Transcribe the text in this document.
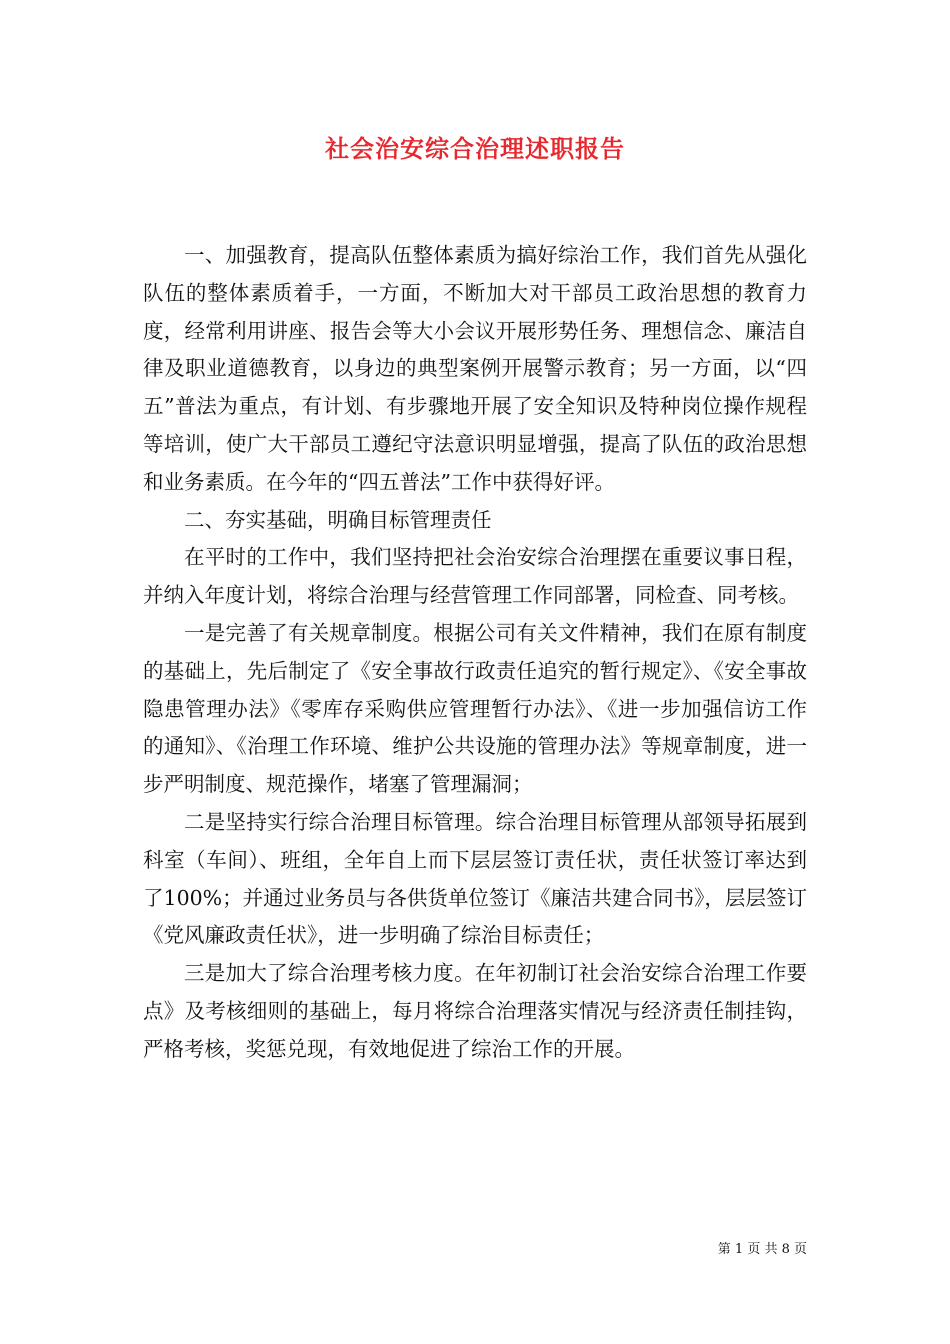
社会治安综合治理述职报告

一、加强教育，提高队伍整体素质为搞好综治工作，我们首先从强化队伍的整体素质着手，一方面，不断加大对干部员工政治思想的教育力度，经常利用讲座、报告会等大小会议开展形势任务、理想信念、廉洁自律及职业道德教育，以身边的典型案例开展警示教育；另一方面，以“四五”普法为重点，有计划、有步骤地开展了安全知识及特种岗位操作规程等培训，使广大干部员工遵纪守法意识明显增强，提高了队伍的政治思想和业务素质。在今年的“四五普法”工作中获得好评。

二、夯实基础，明确目标管理责任

在平时的工作中，我们坚持把社会治安综合治理摆在重要议事日程，并纳入年度计划，将综合治理与经营管理工作同部署，同检查、同考核。

一是完善了有关规章制度。根据公司有关文件精神，我们在原有制度的基础上，先后制定了《安全事故行政责任追究的暂行规定》、《安全事故隐患管理办法》《零库存采购供应管理暂行办法》、《进一步加强信访工作的通知》、《治理工作环境、维护公共设施的管理办法》等规章制度，进一步严明制度、规范操作，堵塞了管理漏洞；

二是坚持实行综合治理目标管理。综合治理目标管理从部领导拓展到科室（车间）、班组，全年自上而下层层签订责任状，责任状签订率达到了100%；并通过业务员与各供货单位签订《廉洁共建合同书》，层层签订《党风廉政责任状》，进一步明确了综治目标责任；

三是加大了综合治理考核力度。在年初制订社会治安综合治理工作要点》及考核细则的基础上，每月将综合治理落实情况与经济责任制挂钩，严格考核，奖惩兑现，有效地促进了综治工作的开展。

第 1 页 共 8 页
